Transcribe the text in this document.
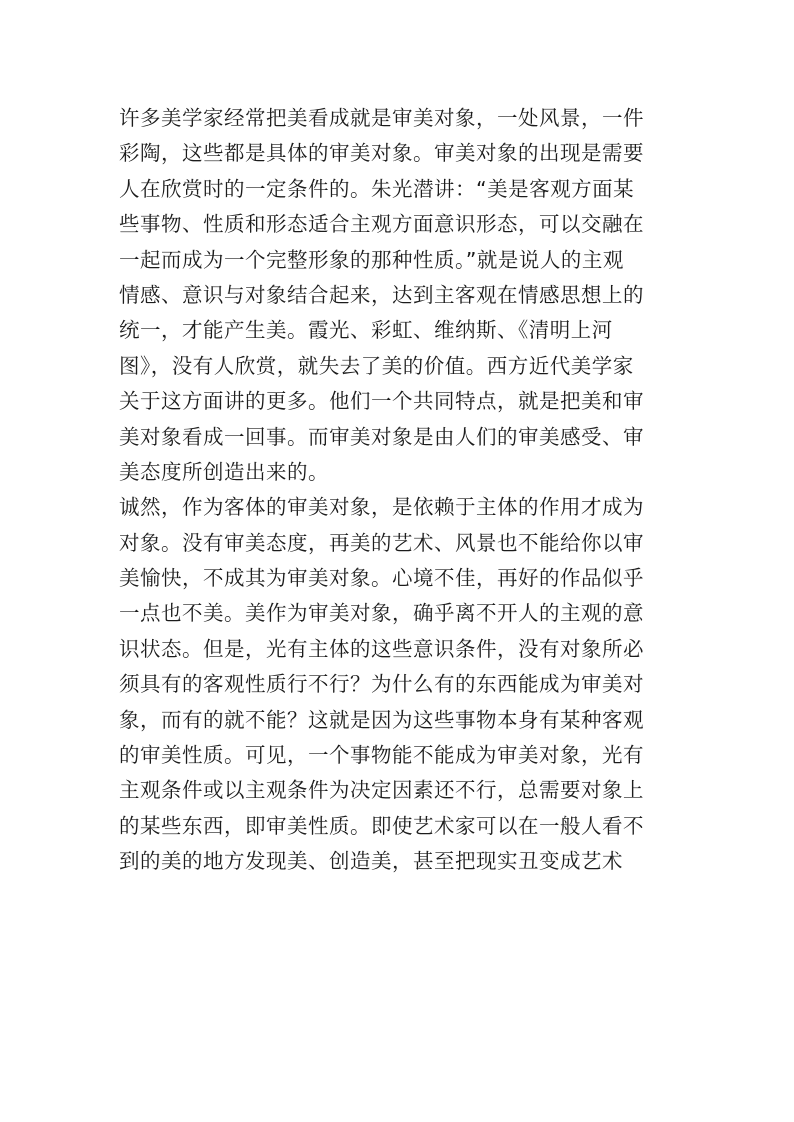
许多美学家经常把美看成就是审美对象，一处风景，一件
彩陶，这些都是具体的审美对象。审美对象的出现是需要
人在欣赏时的一定条件的。朱光潜讲：“美是客观方面某
些事物、性质和形态适合主观方面意识形态，可以交融在
一起而成为一个完整形象的那种性质。”就是说人的主观
情感、意识与对象结合起来，达到主客观在情感思想上的
统一，才能产生美。霞光、彩虹、维纳斯、《清明上河
图》，没有人欣赏，就失去了美的价值。西方近代美学家
关于这方面讲的更多。他们一个共同特点，就是把美和审
美对象看成一回事。而审美对象是由人们的审美感受、审
美态度所创造出来的。
诚然，作为客体的审美对象，是依赖于主体的作用才成为
对象。没有审美态度，再美的艺术、风景也不能给你以审
美愉快，不成其为审美对象。心境不佳，再好的作品似乎
一点也不美。美作为审美对象，确乎离不开人的主观的意
识状态。但是，光有主体的这些意识条件，没有对象所必
须具有的客观性质行不行？为什么有的东西能成为审美对
象，而有的就不能？这就是因为这些事物本身有某种客观
的审美性质。可见，一个事物能不能成为审美对象，光有
主观条件或以主观条件为决定因素还不行，总需要对象上
的某些东西，即审美性质。即使艺术家可以在一般人看不
到的美的地方发现美、创造美，甚至把现实丑变成艺术
